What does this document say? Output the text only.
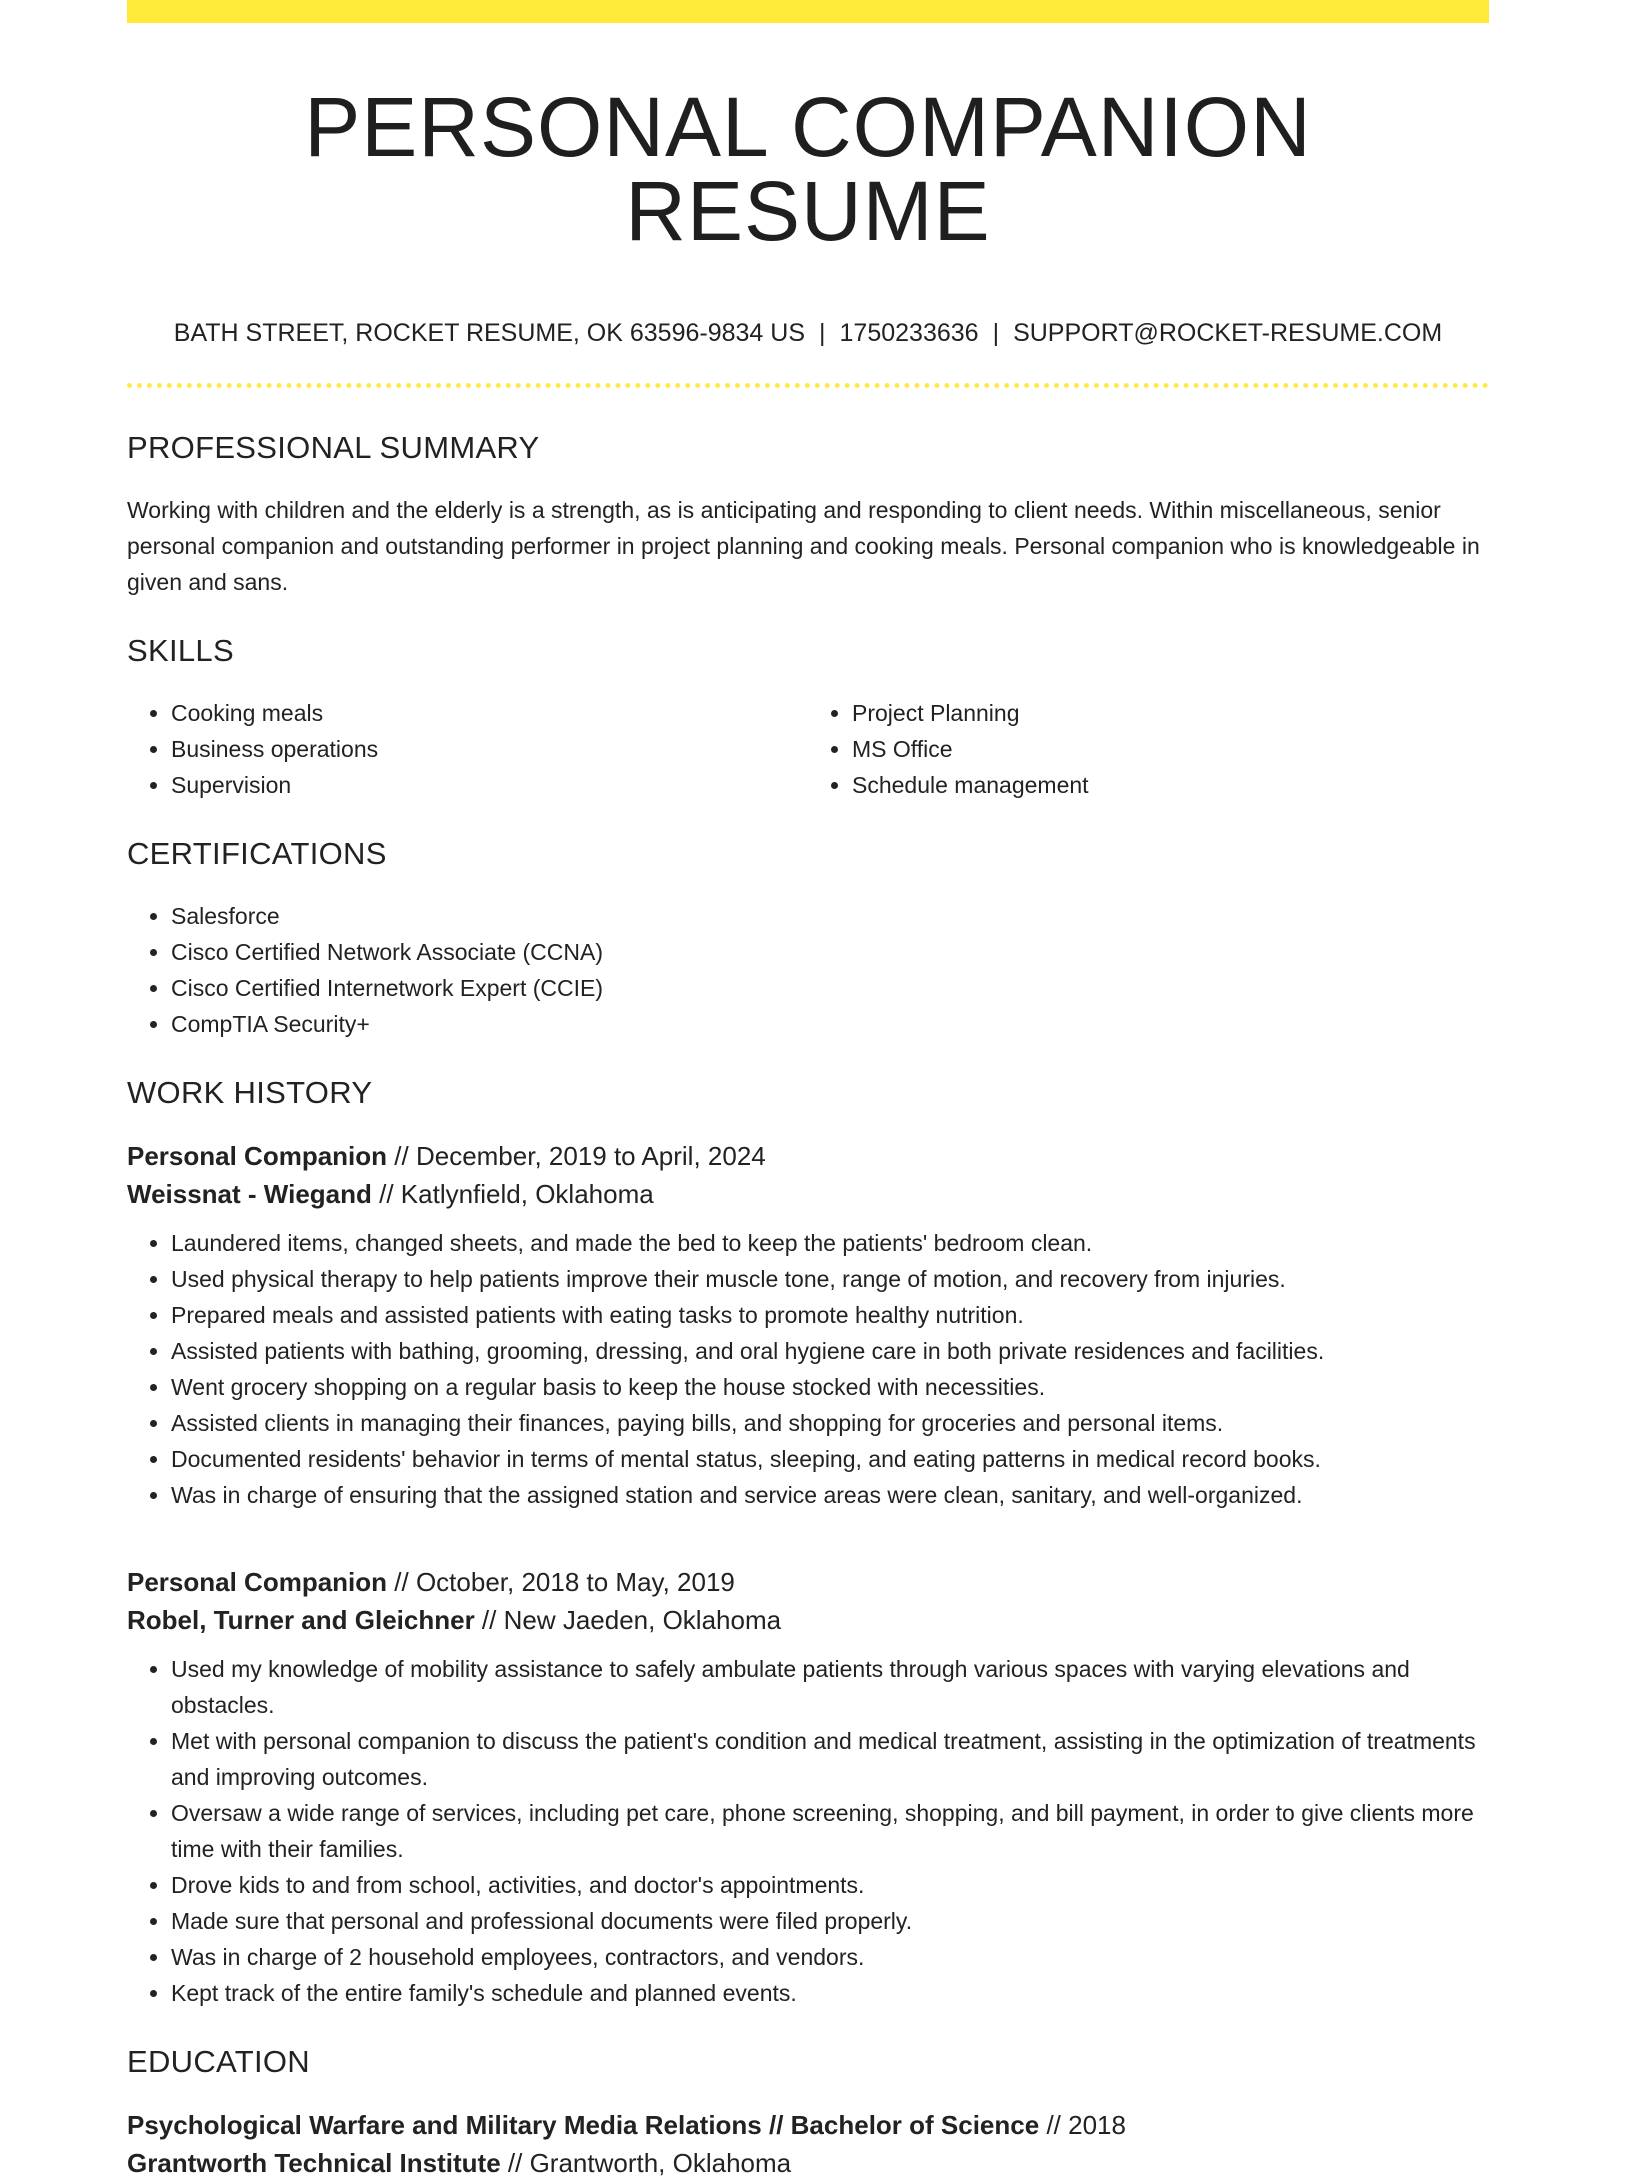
PERSONAL COMPANION RESUME
BATH STREET, ROCKET RESUME, OK 63596-9834 US | 1750233636 | SUPPORT@ROCKET-RESUME.COM
PROFESSIONAL SUMMARY
Working with children and the elderly is a strength, as is anticipating and responding to client needs. Within miscellaneous, senior personal companion and outstanding performer in project planning and cooking meals. Personal companion who is knowledgeable in given and sans.
SKILLS
• Cooking meals
• Business operations
• Supervision
• Project Planning
• MS Office
• Schedule management
CERTIFICATIONS
• Salesforce
• Cisco Certified Network Associate (CCNA)
• Cisco Certified Internetwork Expert (CCIE)
• CompTIA Security+
WORK HISTORY
Personal Companion // December, 2019 to April, 2024
Weissnat - Wiegand // Katlynfield, Oklahoma
• Laundered items, changed sheets, and made the bed to keep the patients' bedroom clean.
• Used physical therapy to help patients improve their muscle tone, range of motion, and recovery from injuries.
• Prepared meals and assisted patients with eating tasks to promote healthy nutrition.
• Assisted patients with bathing, grooming, dressing, and oral hygiene care in both private residences and facilities.
• Went grocery shopping on a regular basis to keep the house stocked with necessities.
• Assisted clients in managing their finances, paying bills, and shopping for groceries and personal items.
• Documented residents' behavior in terms of mental status, sleeping, and eating patterns in medical record books.
• Was in charge of ensuring that the assigned station and service areas were clean, sanitary, and well-organized.
Personal Companion // October, 2018 to May, 2019
Robel, Turner and Gleichner // New Jaeden, Oklahoma
• Used my knowledge of mobility assistance to safely ambulate patients through various spaces with varying elevations and obstacles.
• Met with personal companion to discuss the patient's condition and medical treatment, assisting in the optimization of treatments and improving outcomes.
• Oversaw a wide range of services, including pet care, phone screening, shopping, and bill payment, in order to give clients more time with their families.
• Drove kids to and from school, activities, and doctor's appointments.
• Made sure that personal and professional documents were filed properly.
• Was in charge of 2 household employees, contractors, and vendors.
• Kept track of the entire family's schedule and planned events.
EDUCATION
Psychological Warfare and Military Media Relations // Bachelor of Science // 2018
Grantworth Technical Institute // Grantworth, Oklahoma
